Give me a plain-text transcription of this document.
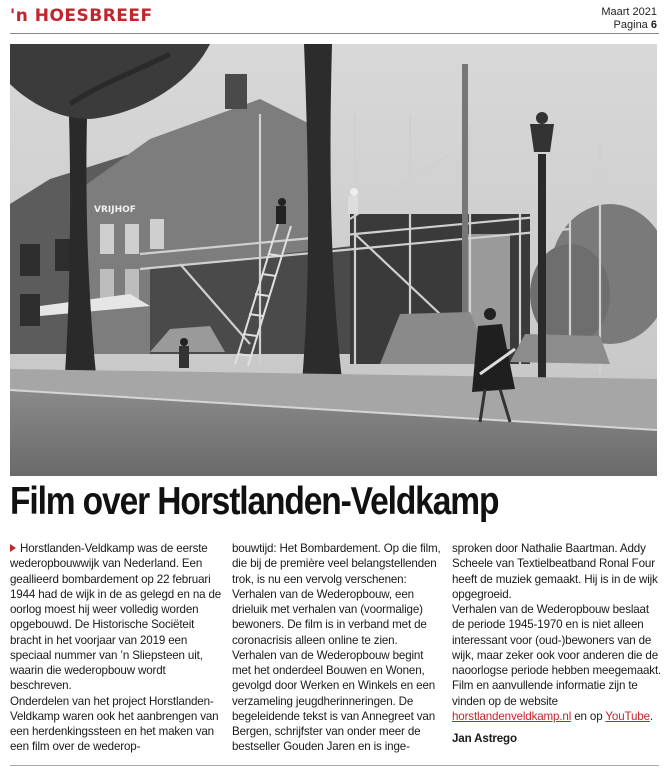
'n HOESBREEF	Maart 2021
Pagina 6
VRIJHOF
Film over Horstlanden-Veldkamp

Horstlanden-Veldkamp was de eerste wederopbouwwijk van Nederland. Een geallieerd bombardement op 22 februari 1944 had de wijk in de as gelegd en na de oorlog moest hij weer volledig worden opgebouwd. De Historische Sociëteit bracht in het voorjaar van 2019 een speciaal nummer van ’n Sliepsteen uit, waarin die wederopbouw wordt beschreven.

Onderdelen van het project Horstlanden-Veldkamp waren ook het aanbrengen van een herdenkingssteen en het maken van een film over de wederop-

bouwtijd: Het Bombardement. Op die film, die bij de première veel belangstellenden trok, is nu een vervolg verschenen: Verhalen van de Wederopbouw, een drieluik met verhalen van (voormalige) bewoners. De film is in verband met de coronacrisis alleen online te zien.

Verhalen van de Wederopbouw begint met het onderdeel Bouwen en Wonen, gevolgd door Werken en Winkels en een verzameling jeugdherinneringen. De begeleidende tekst is van Annegreet van Bergen, schrijfster van onder meer de bestseller Gouden Jaren en is inge-

sproken door Nathalie Baartman. Addy Scheele van Textielbeatband Ronal Four heeft de muziek gemaakt. Hij is in de wijk opgegroeid.

Verhalen van de Wederopbouw beslaat de periode 1945-1970 en is niet alleen interessant voor (oud-)bewoners van de wijk, maar zeker ook voor anderen die de naoorlogse periode hebben meegemaakt. Film en aanvullende informatie zijn te vinden op de website horstlandenveldkamp.nl en op YouTube.

Jan Astrego
